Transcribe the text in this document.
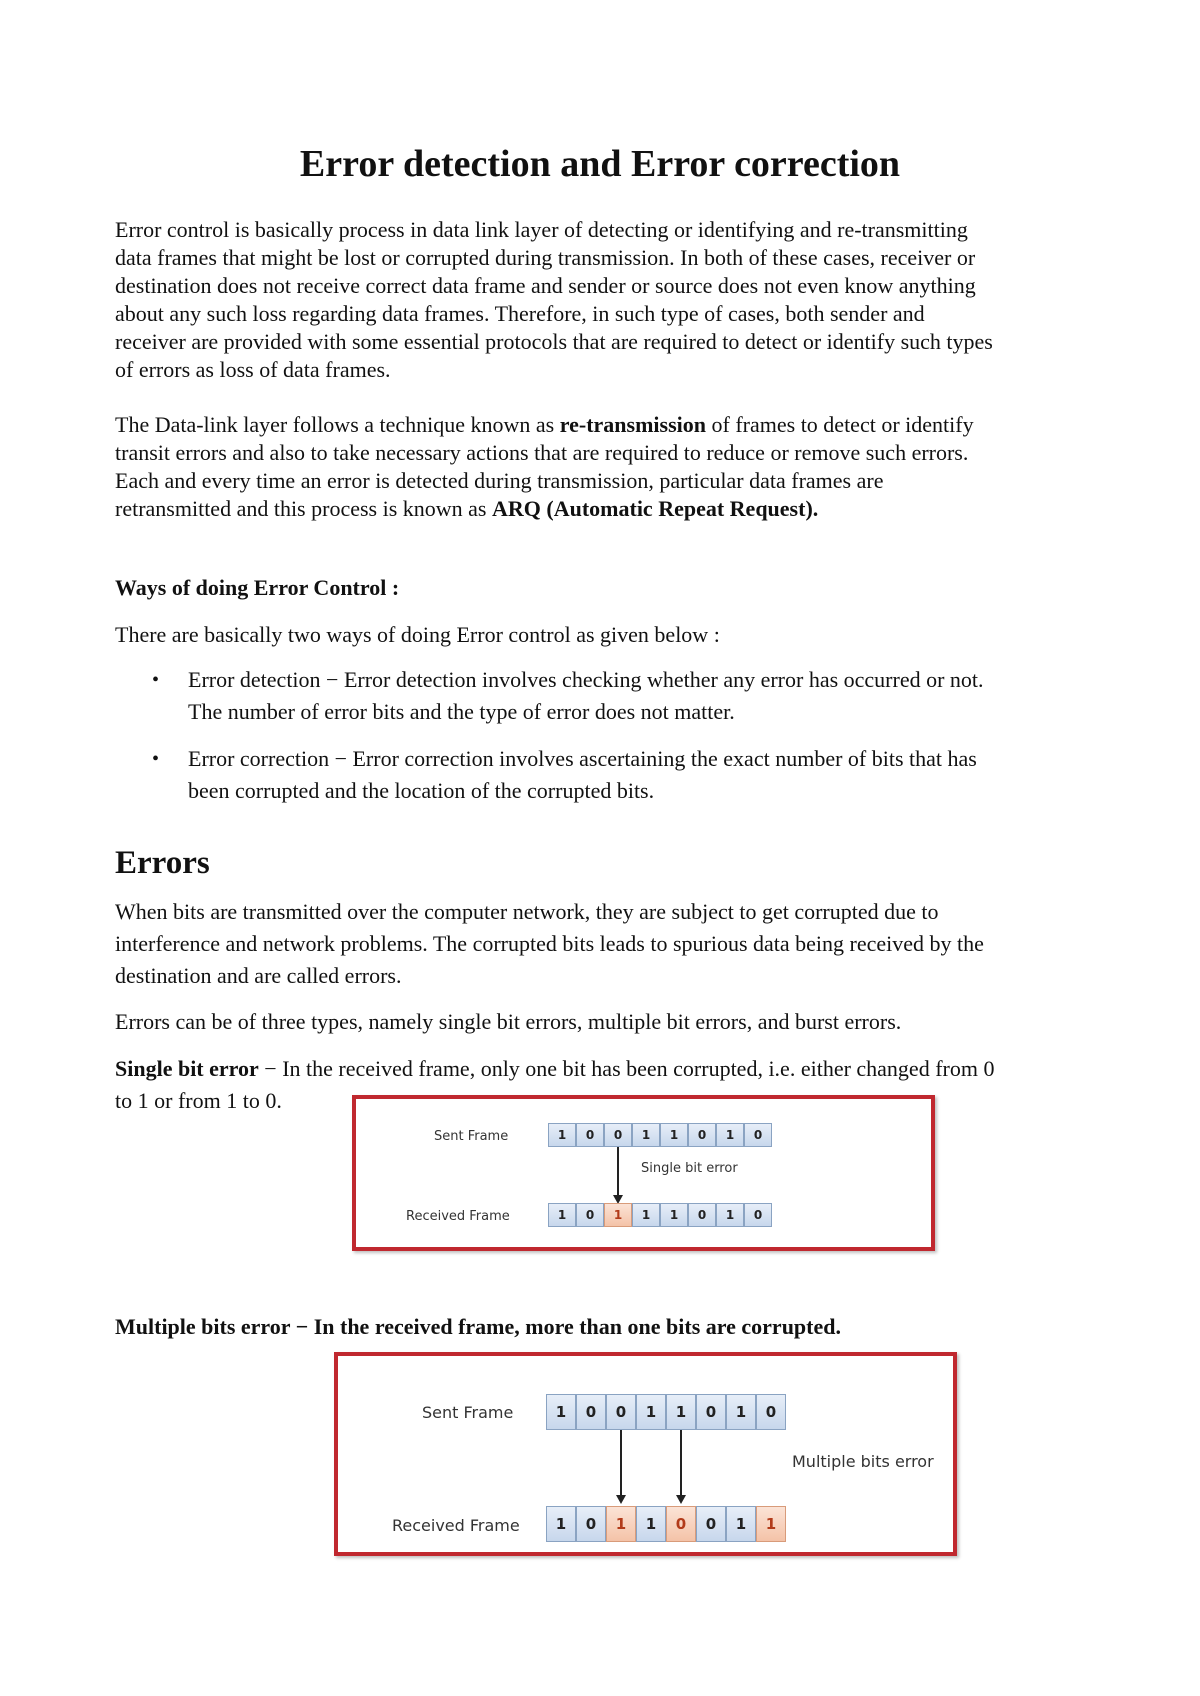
Error detection and Error correction
Error control is basically process in data link layer of detecting or identifying and re-transmitting
data frames that might be lost or corrupted during transmission. In both of these cases, receiver or
destination does not receive correct data frame and sender or source does not even know anything
about any such loss regarding data frames. Therefore, in such type of cases, both sender and
receiver are provided with some essential protocols that are required to detect or identify such types
of errors as loss of data frames.
The Data-link layer follows a technique known as re-transmission of frames to detect or identify
transit errors and also to take necessary actions that are required to reduce or remove such errors.
Each and every time an error is detected during transmission, particular data frames are
retransmitted and this process is known as ARQ (Automatic Repeat Request).
Ways of doing Error Control :
There are basically two ways of doing Error control as given below :
• Error detection − Error detection involves checking whether any error has occurred or not.
The number of error bits and the type of error does not matter.
• Error correction − Error correction involves ascertaining the exact number of bits that has
been corrupted and the location of the corrupted bits.
Errors
When bits are transmitted over the computer network, they are subject to get corrupted due to
interference and network problems. The corrupted bits leads to spurious data being received by the
destination and are called errors.
Errors can be of three types, namely single bit errors, multiple bit errors, and burst errors.
Single bit error − In the received frame, only one bit has been corrupted, i.e. either changed from 0
to 1 or from 1 to 0.
Sent Frame	1	0	0	1	1	0	1	0
Single bit error
Received Frame	1	0	1	1	1	0	1	0
Multiple bits error − In the received frame, more than one bits are corrupted.
Sent Frame	1	0	0	1	1	0	1	0
Multiple bits error
Received Frame	1	0	1	1	0	0	1	1
